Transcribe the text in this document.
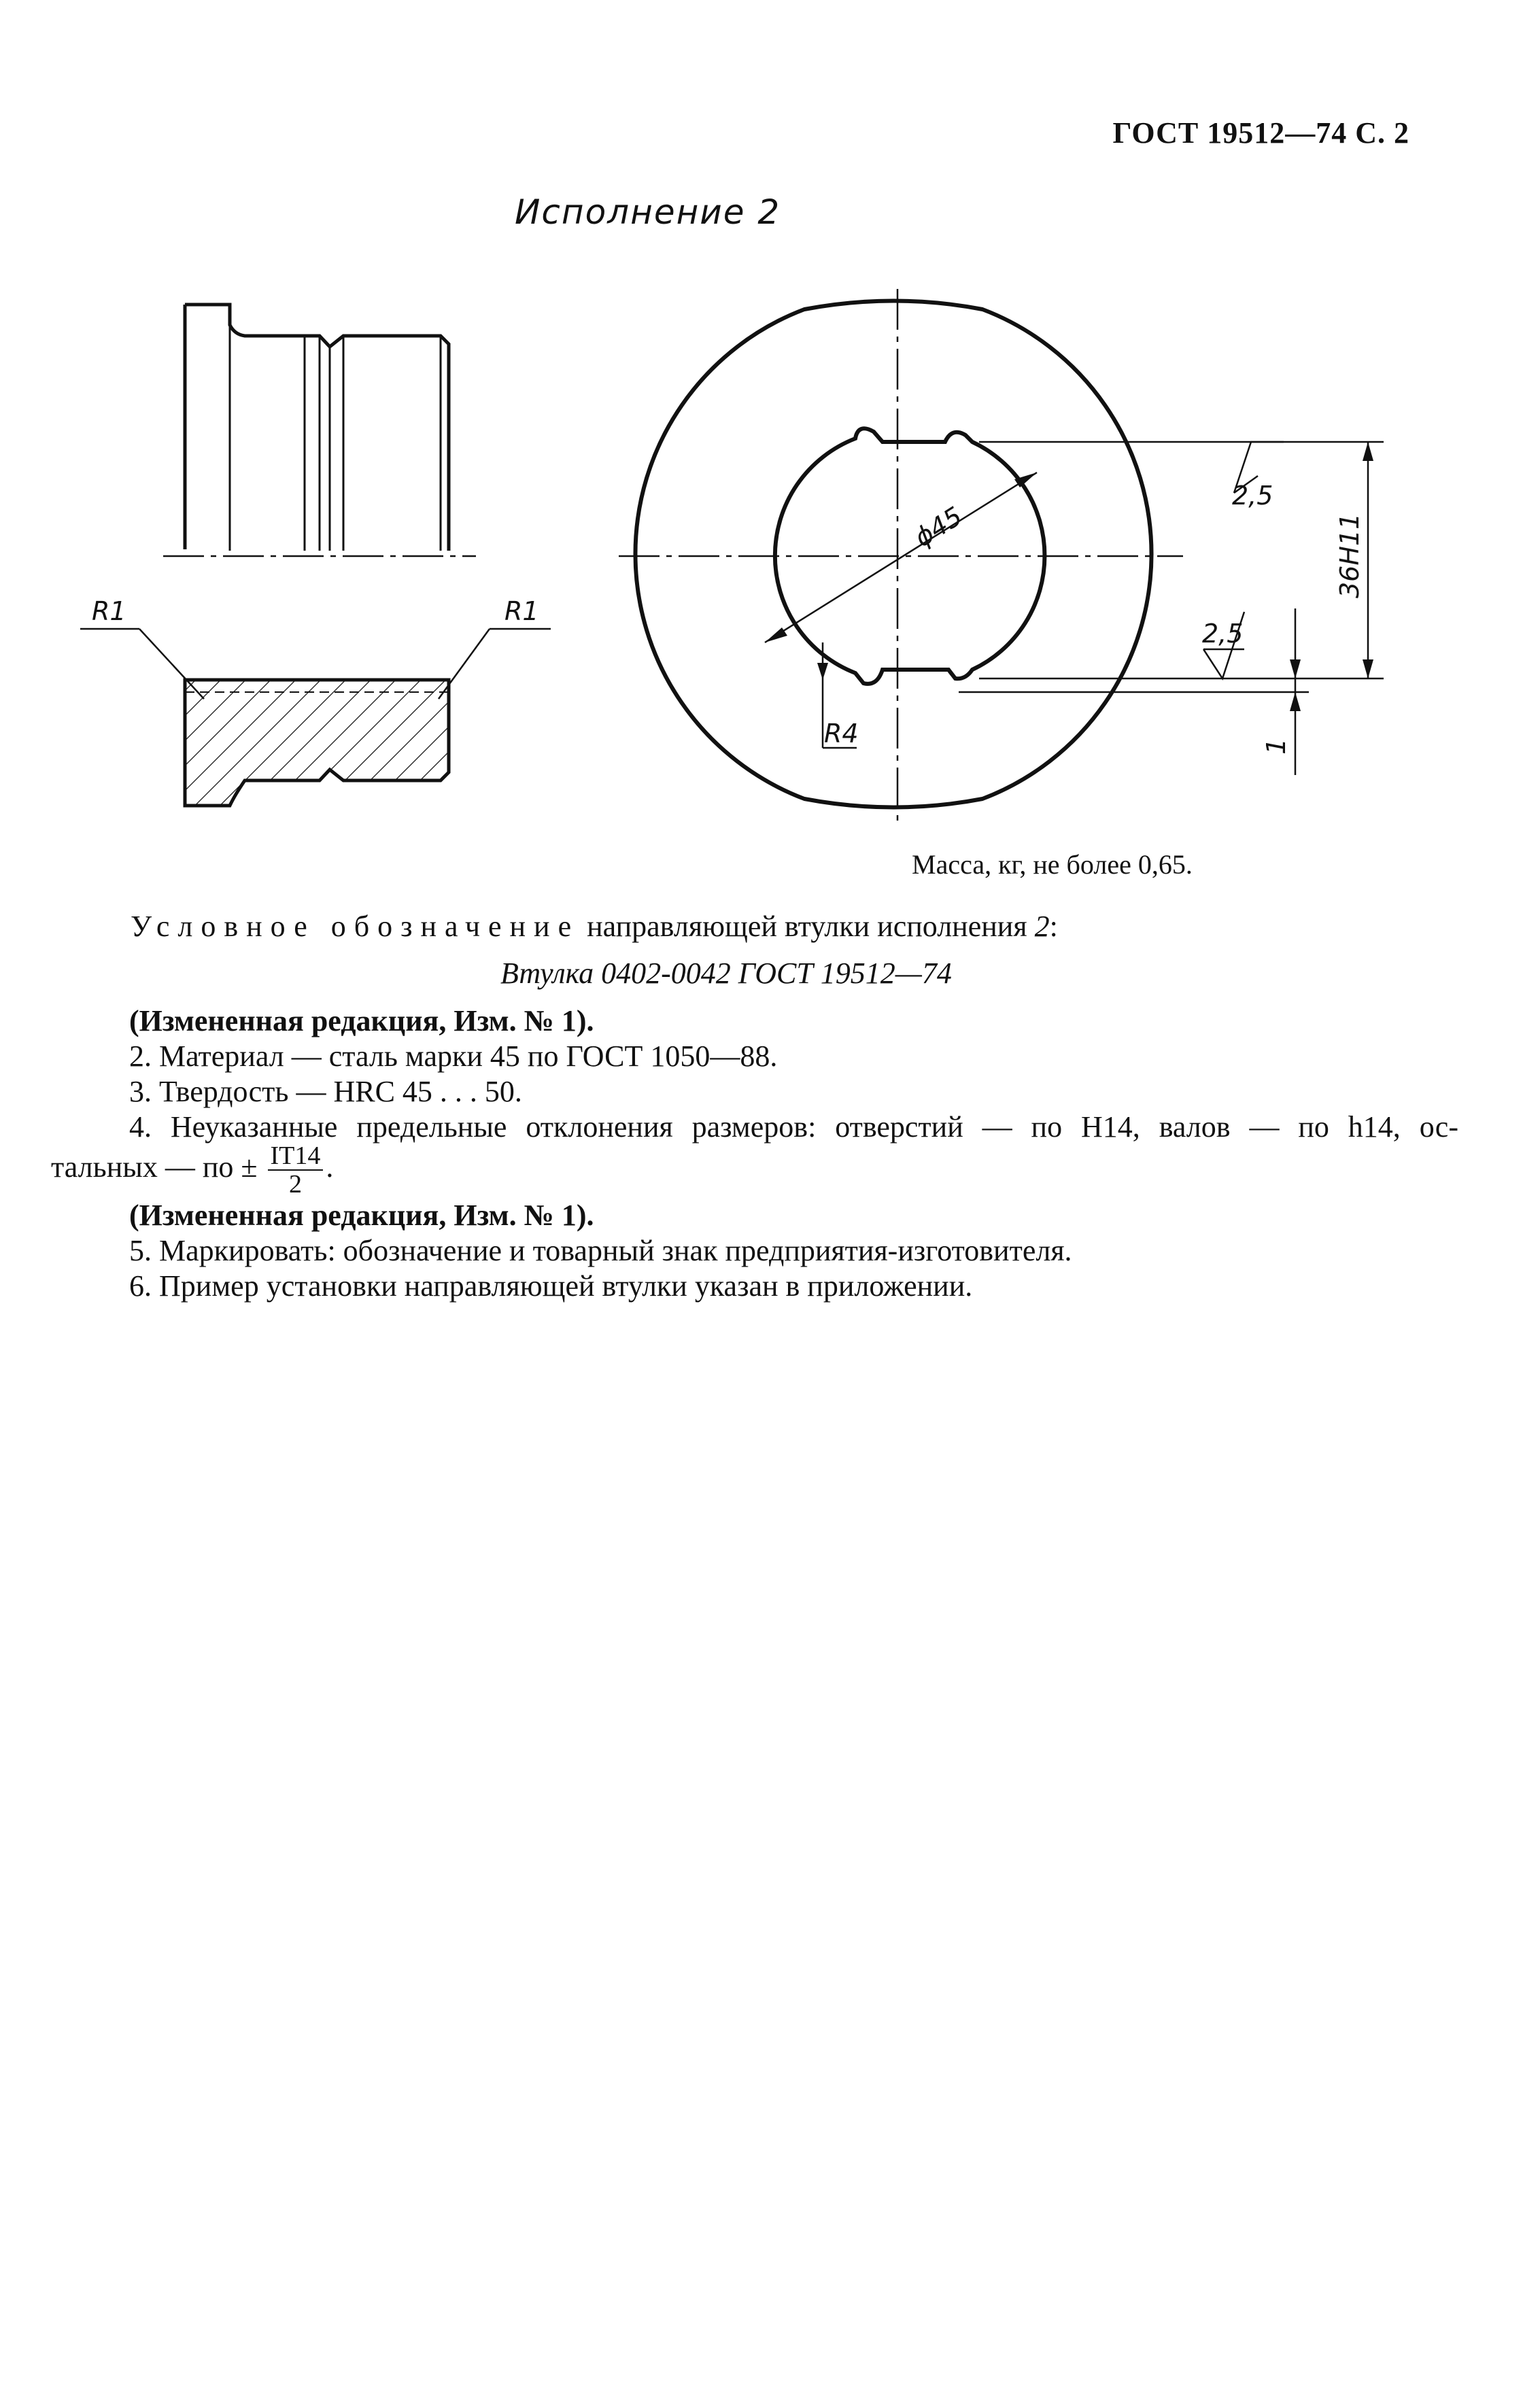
ГОСТ 19512—74 С. 2
Исполнение 2
R1	R1
ϕ45
R4
36H11
1
2,5
2,5
Масса, кг, не более 0,65.
Условное обозначение направляющей втулки исполнения 2:
Втулка 0402-0042 ГОСТ 19512—74

(Измененная редакция, Изм. № 1).

2. Материал — сталь марки 45 по ГОСТ 1050—88.

3. Твердость — HRC 45 . . . 50.

4. Неуказанные предельные отклонения размеров: отверстий — по H14, валов — по h14, ос-

тальных — по ± $\frac{IT14}{2}$ .

(Измененная редакция, Изм. № 1).

5. Маркировать: обозначение и товарный знак предприятия-изготовителя.

6. Пример установки направляющей втулки указан в приложении.
